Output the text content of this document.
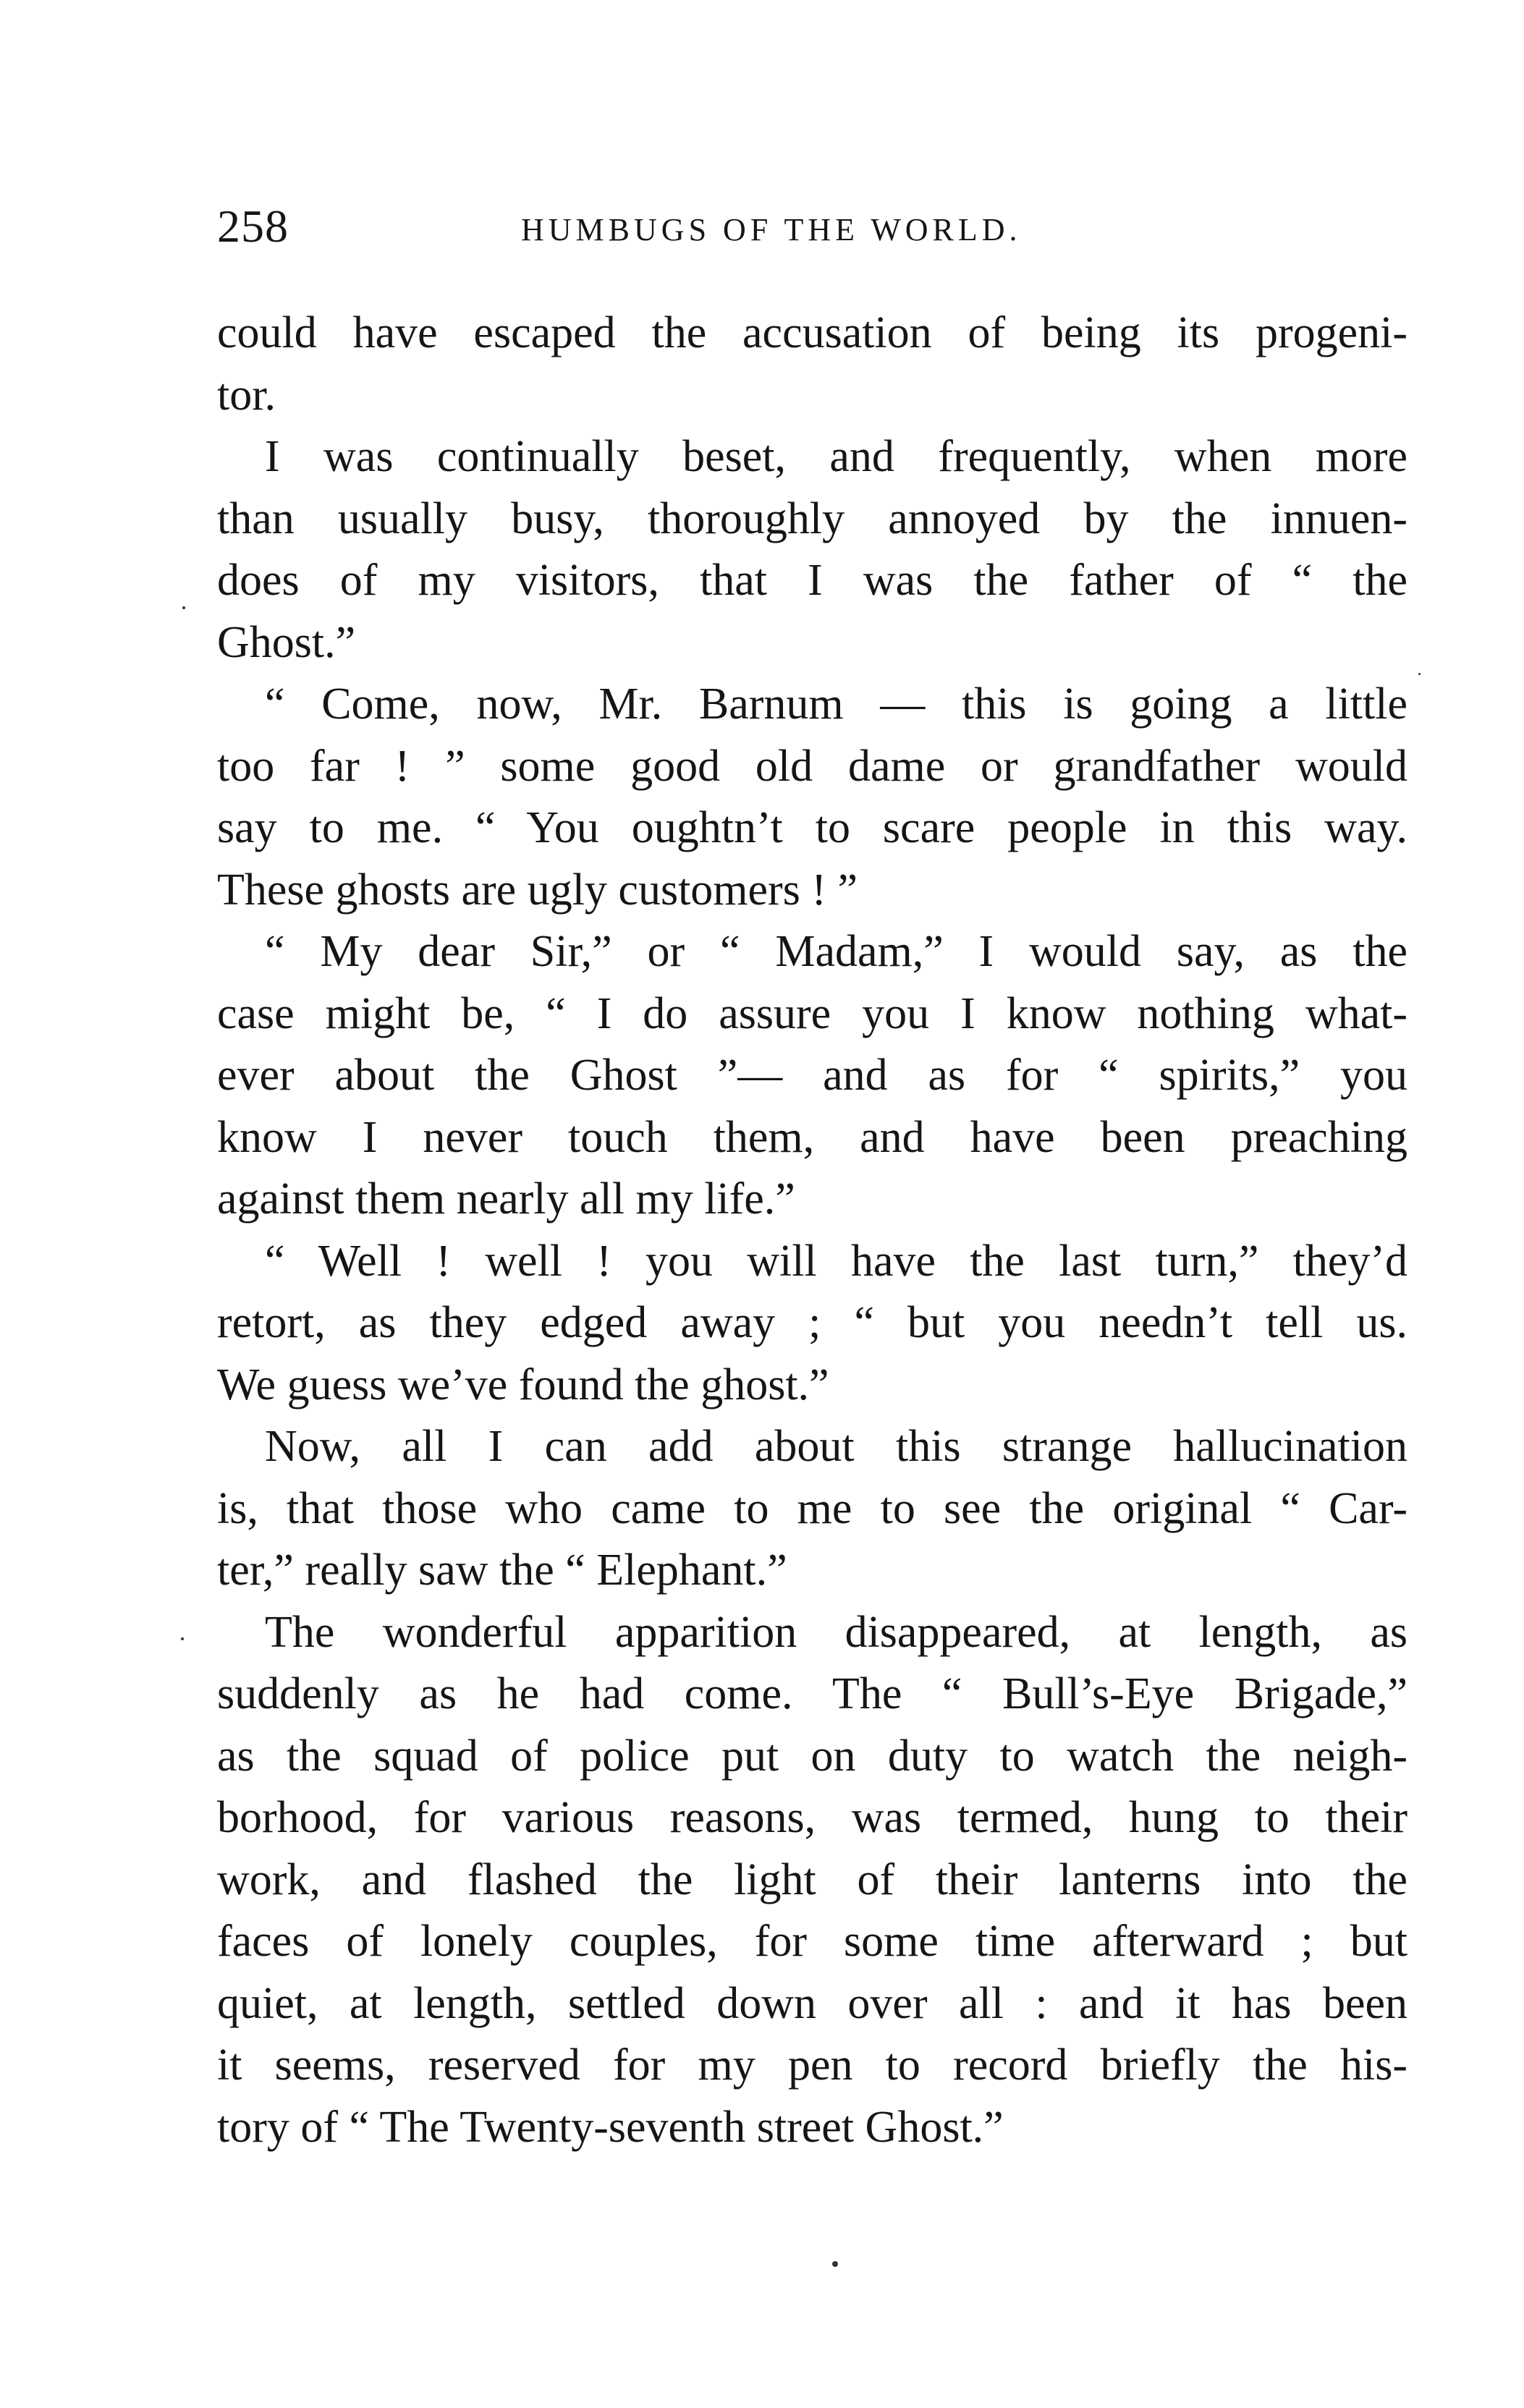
258	HUMBUGS OF THE WORLD.
could have escaped the accusation of being its progeni-
tor.
I was continually beset, and frequently, when more
than usually busy, thoroughly annoyed by the innuen-
does of my visitors, that I was the father of “ the
Ghost.”
“ Come, now, Mr. Barnum — this is going a little
too far ! ” some good old dame or grandfather would
say to me. “ You oughtn’t to scare people in this way.
These ghosts are ugly customers ! ”
“ My dear Sir,” or “ Madam,” I would say, as the
case might be, “ I do assure you I know nothing what-
ever about the Ghost ”— and as for “ spirits,” you
know I never touch them, and have been preaching
against them nearly all my life.”
“ Well ! well ! you will have the last turn,” they’d
retort, as they edged away ; “ but you needn’t tell us.
We guess we’ve found the ghost.”
Now, all I can add about this strange hallucination
is, that those who came to me to see the original “ Car-
ter,” really saw the “ Elephant.”
The wonderful apparition disappeared, at length, as
suddenly as he had come. The “ Bull’s-Eye Brigade,”
as the squad of police put on duty to watch the neigh-
borhood, for various reasons, was termed, hung to their
work, and flashed the light of their lanterns into the
faces of lonely couples, for some time afterward ; but
quiet, at length, settled down over all : and it has been
it seems, reserved for my pen to record briefly the his-
tory of “ The Twenty-seventh street Ghost.”
